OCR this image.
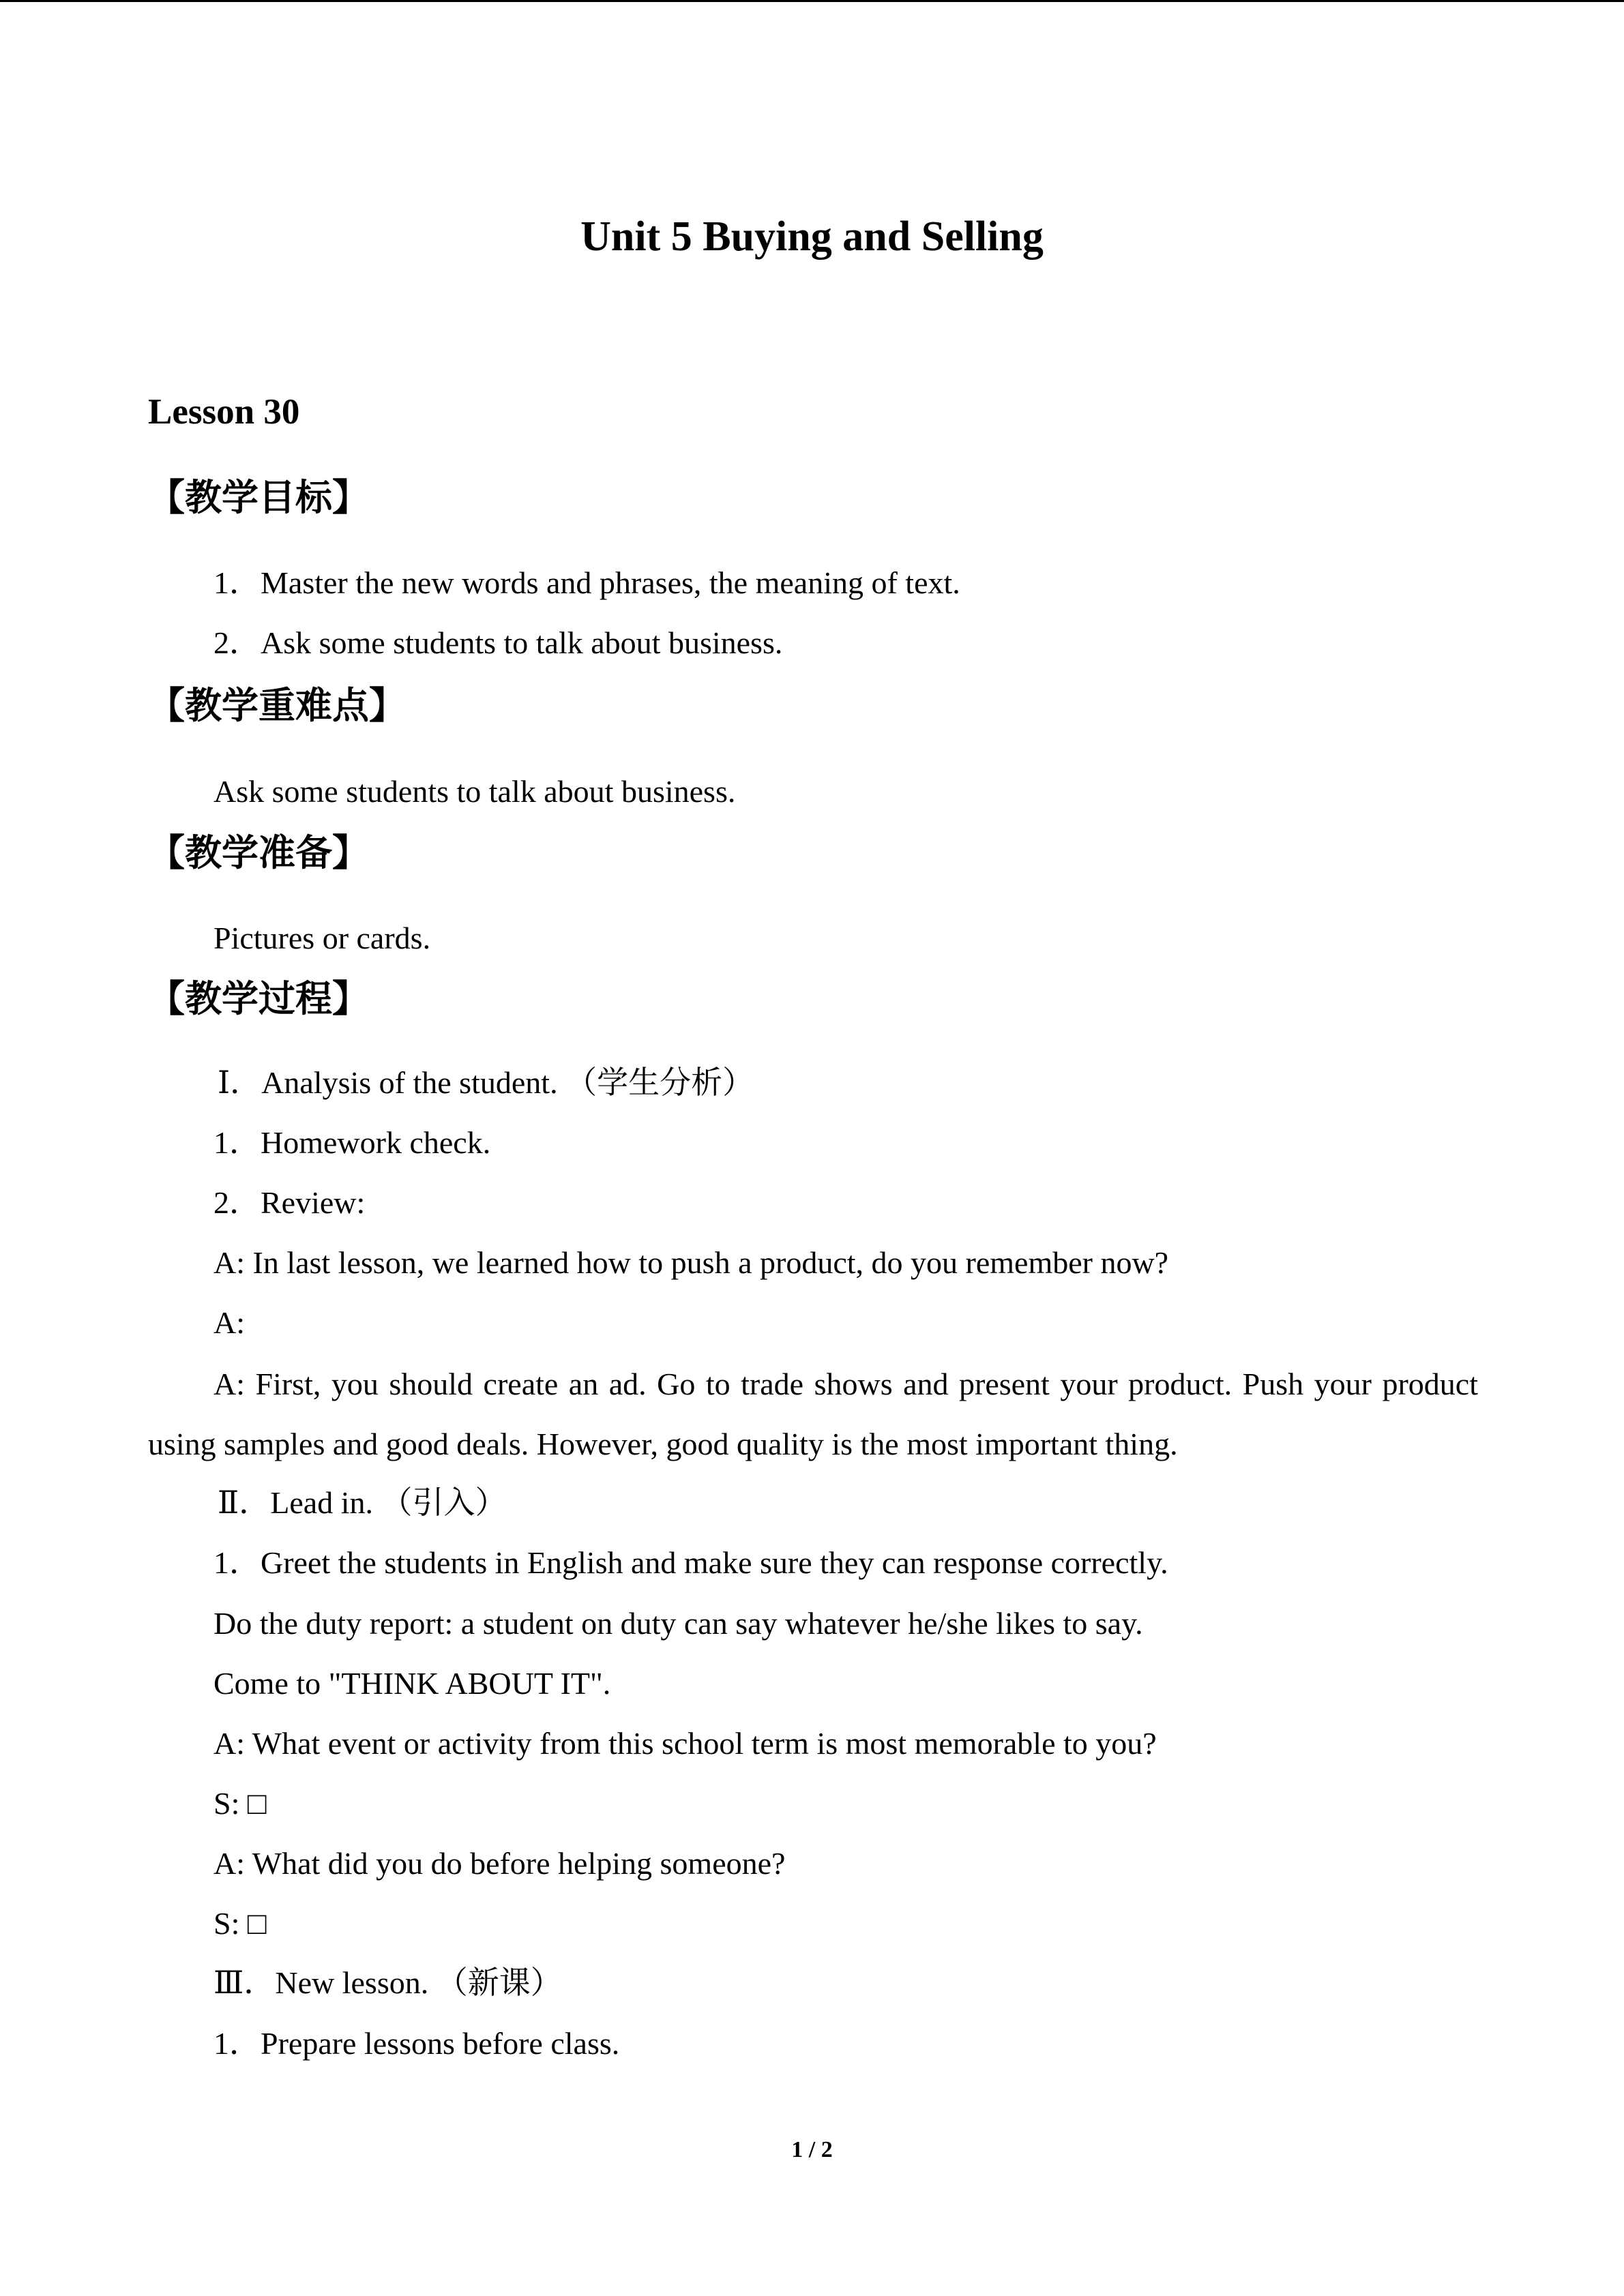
Unit 5 Buying and Selling
Lesson 30
【教学目标】
1．Master the new words and phrases, the meaning of text.
2．Ask some students to talk about business.
【教学重难点】
Ask some students to talk about business.
【教学准备】
Pictures or cards.
【教学过程】
Ⅰ．Analysis of the student. （学生分析）
1．Homework check.
2．Review:
A: In last lesson, we learned how to push a product, do you remember now?
A:
A: First, you should create an ad. Go to trade shows and present your product. Push your product using samples and good deals. However, good quality is the most important thing.
Ⅱ．Lead in. （引入）
1．Greet the students in English and make sure they can response correctly.
Do the duty report: a student on duty can say whatever he/she likes to say.
Come to "THINK ABOUT IT".
A: What event or activity from this school term is most memorable to you?
S: □
A: What did you do before helping someone?
S: □
Ⅲ．New lesson. （新课）
1．Prepare lessons before class.
1 / 2
